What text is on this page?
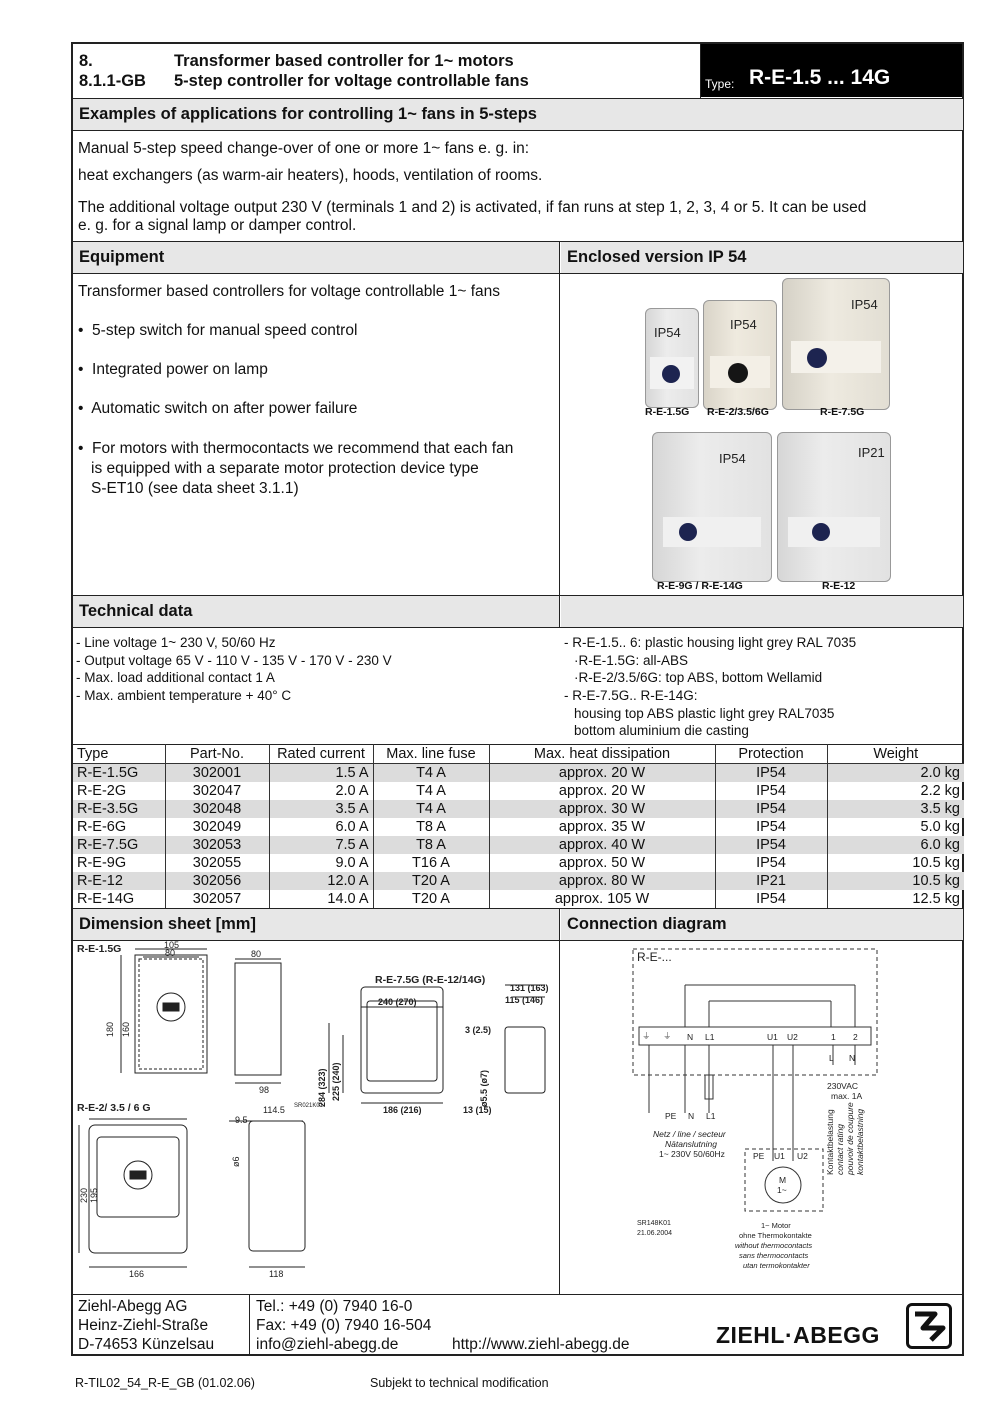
8.	Transformer based controller for 1~ motors
8.1.1-GB 5-step controller for voltage controllable fans	Type: R-E-1.5 ... 14G
Examples of applications for controlling 1~ fans in 5-steps
Manual 5-step speed change-over of one or more 1~ fans e. g. in:
heat exchangers (as warm-air heaters), hoods, ventilation of rooms.
The additional voltage output 230 V (terminals 1 and 2) is activated, if fan runs at step 1, 2, 3, 4 or 5. It can be used
e. g. for a signal lamp or damper control.
Equipment	Enclosed version IP 54
Transformer based controllers for voltage controllable 1~ fans
•  5-step switch for manual speed control
•  Integrated power on lamp
•  Automatic switch on after power failure
•  For motors with thermocontacts we recommend that each fan
is equipped with a separate motor protection device type
S-ET10 (see data sheet 3.1.1)
IP54
IP54
IP54
R-E-1.5G R-E-2/3.5/6G	R-E-7.5G
IP54	IP21
R-E-9G / R-E-14G	R-E-12
Technical data
- Line voltage 1~ 230 V, 50/60 Hz
- Output voltage 65 V - 110 V - 135 V - 170 V - 230 V
- Max. load additional contact 1 A
- Max. ambient temperature + 40° C
- R-E-1.5.. 6: plastic housing light grey RAL 7035
·R-E-1.5G: all-ABS
·R-E-2/3.5/6G: top ABS, bottom Wellamid
- R-E-7.5G.. R-E-14G:
housing top ABS plastic light grey RAL7035
bottom aluminium die casting
Type	Part-No.	Rated current	Max. line fuse	Max. heat dissipation	Protection	Weight
R-E-1.5G	302001	1.5 A	T4 A	approx. 20 W	IP54	2.0 kg
R-E-2G	302047	2.0 A	T4 A	approx. 20 W	IP54	2.2 kg
R-E-3.5G	302048	3.5 A	T4 A	approx. 30 W	IP54	3.5 kg
R-E-6G	302049	6.0 A	T8 A	approx. 35 W	IP54	5.0 kg
R-E-7.5G	302053	7.5 A	T8 A	approx. 40 W	IP54	6.0 kg
R-E-9G	302055	9.0 A	T16 A	approx. 50 W	IP54	10.5 kg
R-E-12	302056	12.0 A	T20 A	approx. 80 W	IP21	10.5 kg
R-E-14G	302057	14.0 A	T20 A	approx. 105 W	IP54	12.5 kg
Dimension sheet [mm]	Connection diagram
R-E-1.5G	105
80	80
180 160
98
SR021K01
R-E-7.5G (R-E-12/14G)
240 (270)
131 (163)
115 (146)
3 (2.5)
284 (323) 225 (240)	ø5.5 (ø7)
186 (216)	13 (15)
R-E-2/ 3.5 / 6 G	114.5
9.5
ø6
230 195
166	118
R-E-...
⏚ ⏚ N L1	U1 U2	1 2
L N
230VAC
max. 1A
PE N L1
Netz / line / secteur
Nätanslutning
1~ 230V 50/60Hz	PE U1 U2
M
1~
Kontaktbelastung contact rating pouvoir de coupure kontaktbelastning
SR148K01
21.06.2004
1~ Motor
ohne Thermokontakte
without thermocontacts
sans thermocontacts
utan termokontakter
Ziehl-Abegg AG
Heinz-Ziehl-Straße
D-74653 Künzelsau
Tel.: +49 (0) 7940 16-0
Fax: +49 (0) 7940 16-504
info@ziehl-abegg.de	http://www.ziehl-abegg.de	ZIEHL·ABEGG
R-TIL02_54_R-E_GB (01.02.06)	Subjekt to technical modification
